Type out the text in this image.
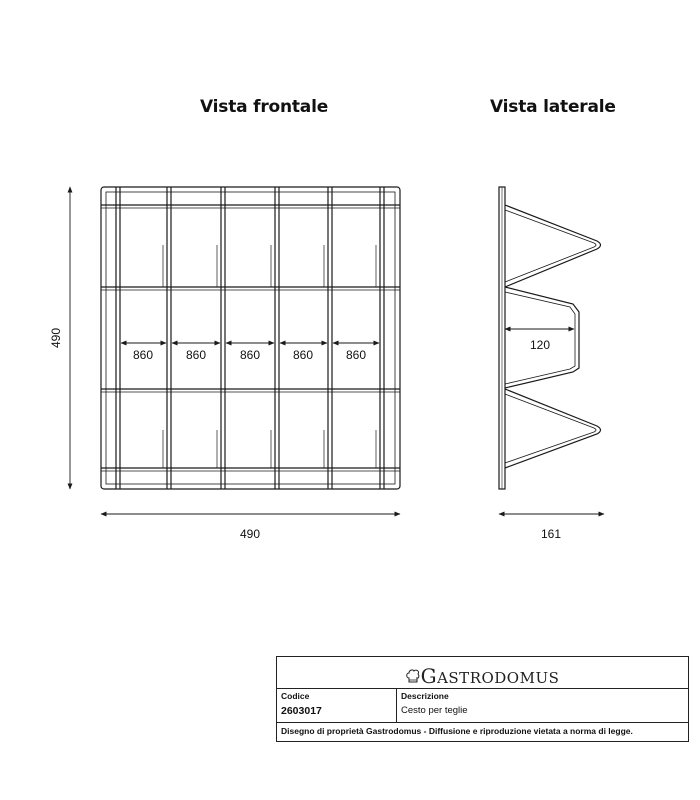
Vista frontale	Vista laterale
860	860	860	860	860
490
490
120
161
GASTRODOMUS
Codice
2603017
Descrizione
Cesto per teglie
Disegno di proprietà Gastrodomus - Diffusione e riproduzione vietata a norma di legge.
